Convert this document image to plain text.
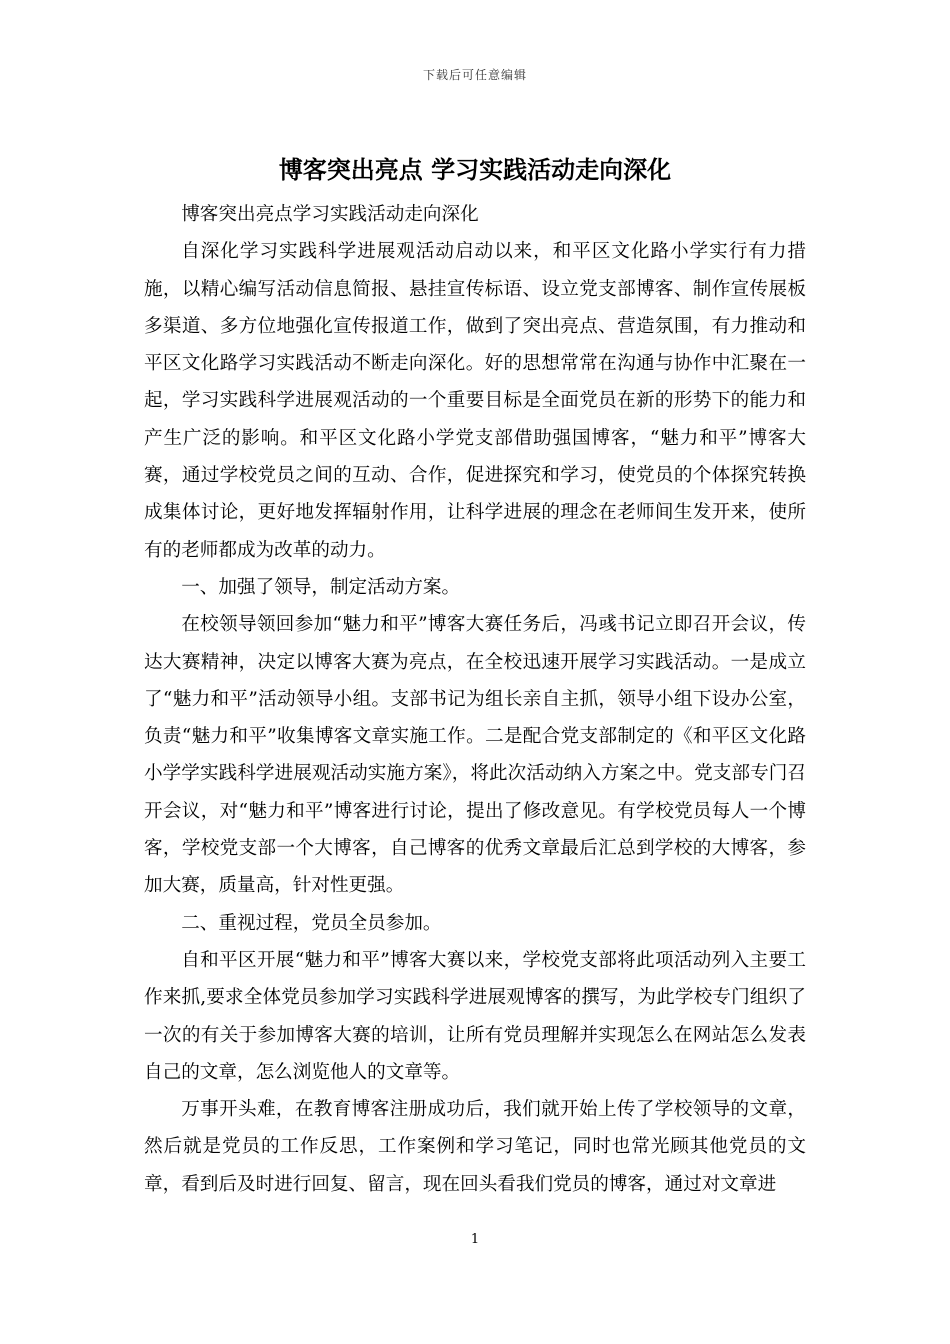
下载后可任意编辑
博客突出亮点 学习实践活动走向深化

博客突出亮点学习实践活动走向深化

自深化学习实践科学进展观活动启动以来，和平区文化路小学实行有力措施，以精心编写活动信息简报、悬挂宣传标语、设立党支部博客、制作宣传展板多渠道、多方位地强化宣传报道工作，做到了突出亮点、营造氛围，有力推动和平区文化路学习实践活动不断走向深化。好的思想常常在沟通与协作中汇聚在一起，学习实践科学进展观活动的一个重要目标是全面党员在新的形势下的能力和产生广泛的影响。和平区文化路小学党支部借助强国博客，“魅力和平”博客大赛，通过学校党员之间的互动、合作，促进探究和学习，使党员的个体探究转换成集体讨论，更好地发挥辐射作用，让科学进展的理念在老师间生发开来，使所有的老师都成为改革的动力。

一、加强了领导，制定活动方案。

在校领导领回参加“魅力和平”博客大赛任务后，冯彧书记立即召开会议，传达大赛精神，决定以博客大赛为亮点，在全校迅速开展学习实践活动。一是成立了“魅力和平”活动领导小组。支部书记为组长亲自主抓，领导小组下设办公室，负责“魅力和平”收集博客文章实施工作。二是配合党支部制定的《和平区文化路小学学实践科学进展观活动实施方案》，将此次活动纳入方案之中。党支部专门召开会议，对“魅力和平”博客进行讨论，提出了修改意见。有学校党员每人一个博客，学校党支部一个大博客，自己博客的优秀文章最后汇总到学校的大博客，参加大赛，质量高，针对性更强。

二、重视过程，党员全员参加。

自和平区开展“魅力和平”博客大赛以来，学校党支部将此项活动列入主要工作来抓,要求全体党员参加学习实践科学进展观博客的撰写，为此学校专门组织了一次的有关于参加博客大赛的培训，让所有党员理解并实现怎么在网站怎么发表自己的文章，怎么浏览他人的文章等。

万事开头难，在教育博客注册成功后，我们就开始上传了学校领导的文章，然后就是党员的工作反思，工作案例和学习笔记，同时也常光顾其他党员的文章，看到后及时进行回复、留言，现在回头看我们党员的博客，通过对文章进

1
